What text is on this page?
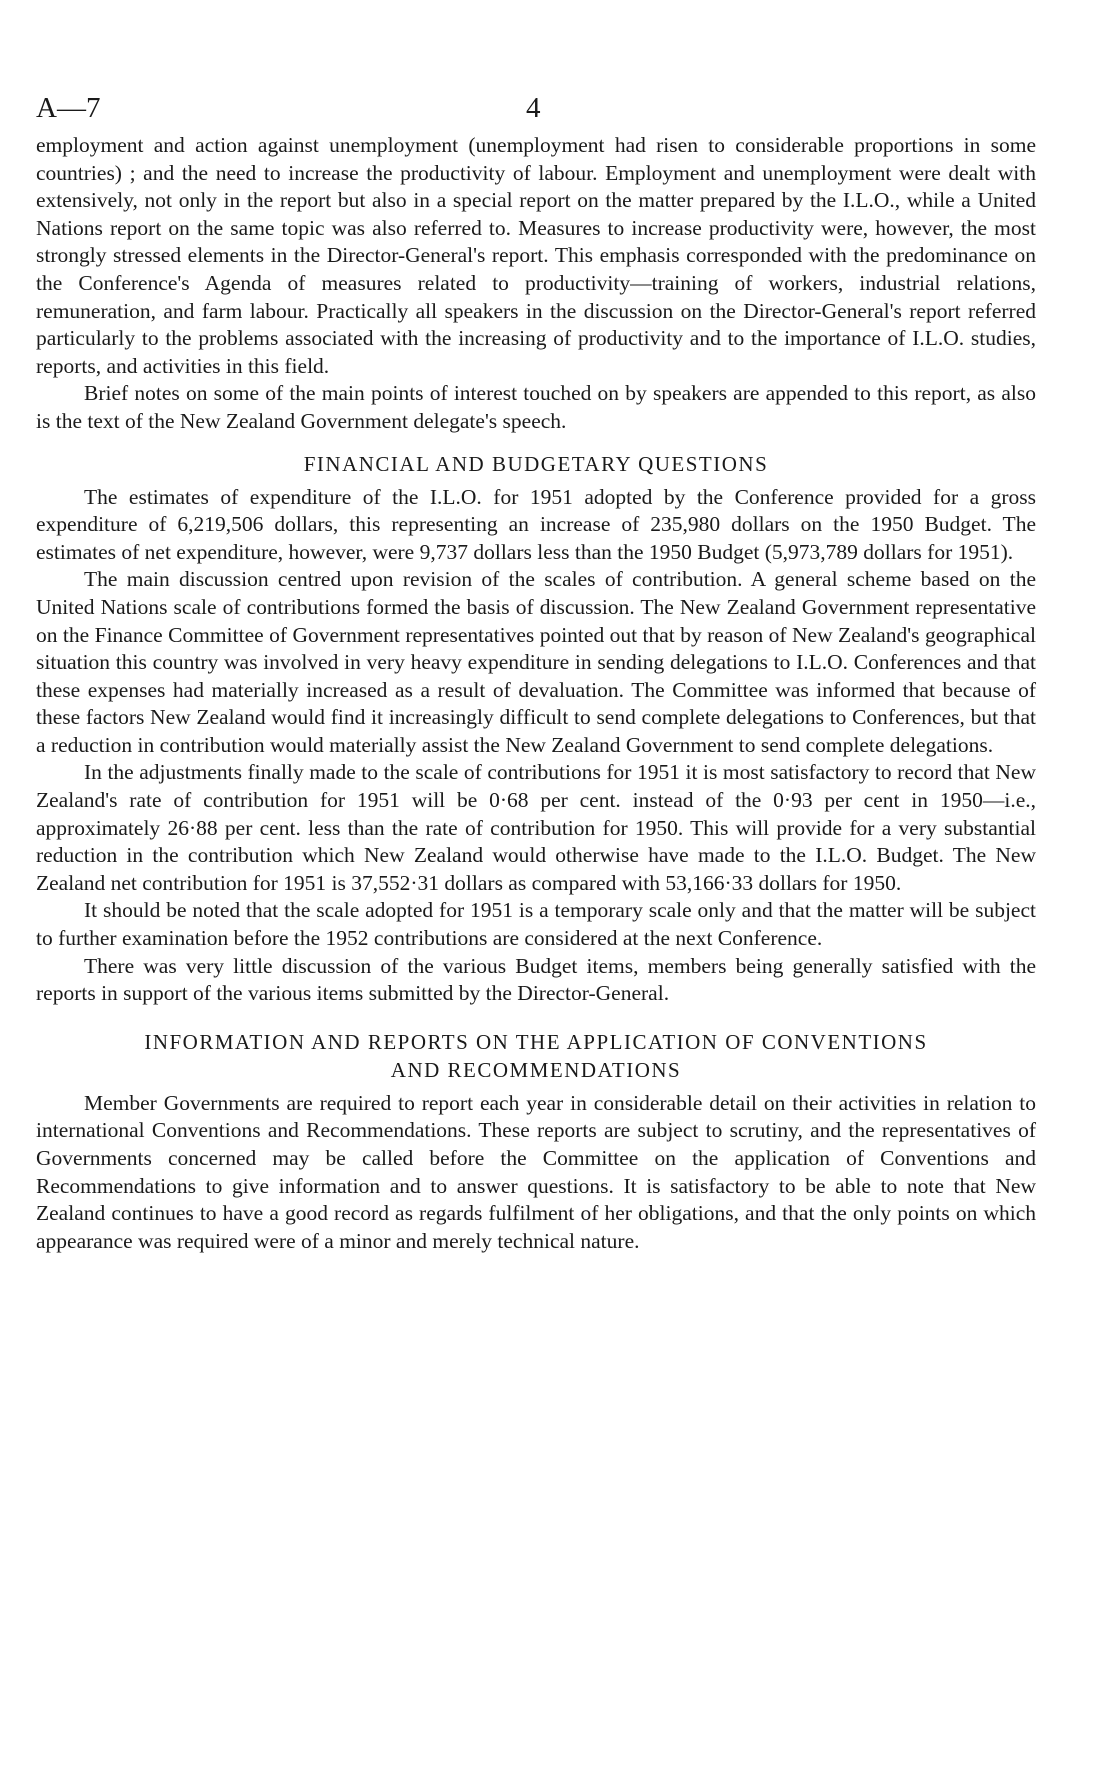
A—7	4

employment and action against unemployment (unemployment had risen to considerable proportions in some countries) ; and the need to increase the productivity of labour. Employment and unemployment were dealt with extensively, not only in the report but also in a special report on the matter prepared by the I.L.O., while a United Nations report on the same topic was also referred to. Measures to increase productivity were, however, the most strongly stressed elements in the Director-General's report. This emphasis corresponded with the predominance on the Conference's Agenda of measures related to productivity—training of workers, industrial relations, remuneration, and farm labour. Practically all speakers in the discussion on the Director-General's report referred particularly to the problems associated with the increasing of productivity and to the importance of I.L.O. studies, reports, and activities in this field.

Brief notes on some of the main points of interest touched on by speakers are appended to this report, as also is the text of the New Zealand Government delegate's speech.

FINANCIAL AND BUDGETARY QUESTIONS

The estimates of expenditure of the I.L.O. for 1951 adopted by the Conference provided for a gross expenditure of 6,219,506 dollars, this representing an increase of 235,980 dollars on the 1950 Budget. The estimates of net expenditure, however, were 9,737 dollars less than the 1950 Budget (5,973,789 dollars for 1951).

The main discussion centred upon revision of the scales of contribution. A general scheme based on the United Nations scale of contributions formed the basis of discussion. The New Zealand Government representative on the Finance Committee of Government representatives pointed out that by reason of New Zealand's geographical situation this country was involved in very heavy expenditure in sending delegations to I.L.O. Conferences and that these expenses had materially increased as a result of devaluation. The Committee was informed that because of these factors New Zealand would find it increasingly difficult to send complete delegations to Conferences, but that a reduction in contribution would materially assist the New Zealand Government to send complete delegations.

In the adjustments finally made to the scale of contributions for 1951 it is most satisfactory to record that New Zealand's rate of contribution for 1951 will be 0·68 per cent. instead of the 0·93 per cent in 1950—i.e., approximately 26·88 per cent. less than the rate of contribution for 1950. This will provide for a very substantial reduction in the contribution which New Zealand would otherwise have made to the I.L.O. Budget. The New Zealand net contribution for 1951 is 37,552·31 dollars as compared with 53,166·33 dollars for 1950.

It should be noted that the scale adopted for 1951 is a temporary scale only and that the matter will be subject to further examination before the 1952 contributions are considered at the next Conference.

There was very little discussion of the various Budget items, members being generally satisfied with the reports in support of the various items submitted by the Director-General.

INFORMATION AND REPORTS ON THE APPLICATION OF CONVENTIONS
AND RECOMMENDATIONS

Member Governments are required to report each year in considerable detail on their activities in relation to international Conventions and Recommendations. These reports are subject to scrutiny, and the representatives of Governments concerned may be called before the Committee on the application of Conventions and Recommendations to give information and to answer questions. It is satisfactory to be able to note that New Zealand continues to have a good record as regards fulfilment of her obligations, and that the only points on which appearance was required were of a minor and merely technical nature.
